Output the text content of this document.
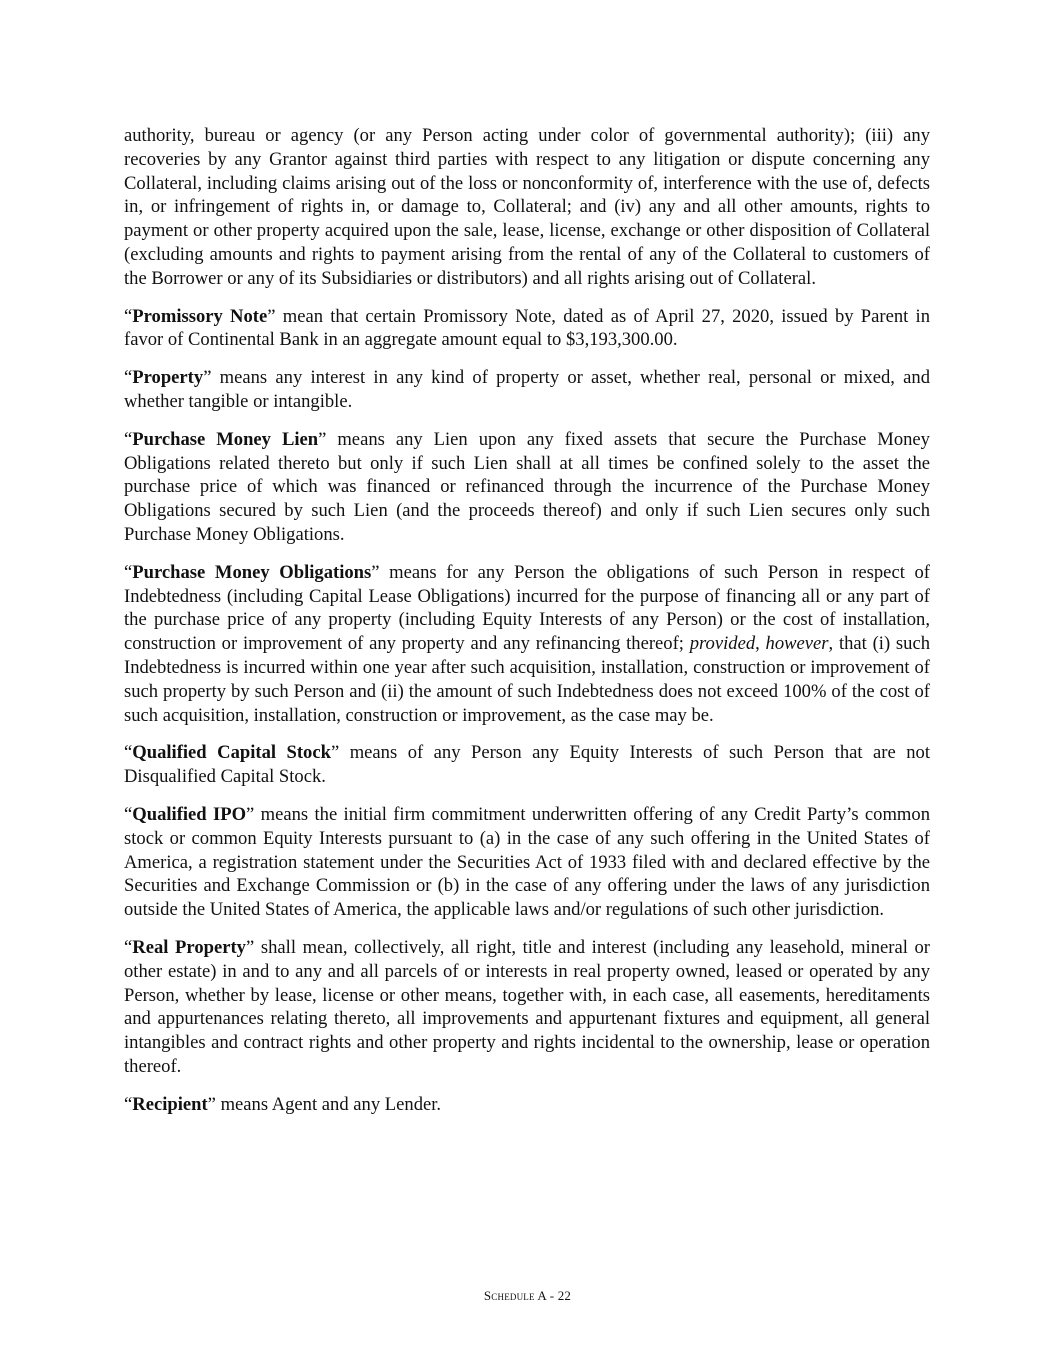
authority, bureau or agency (or any Person acting under color of governmental authority); (iii) any recoveries by any Grantor against third parties with respect to any litigation or dispute concerning any Collateral, including claims arising out of the loss or nonconformity of, interference with the use of, defects in, or infringement of rights in, or damage to, Collateral; and (iv) any and all other amounts, rights to payment or other property acquired upon the sale, lease, license, exchange or other disposition of Collateral (excluding amounts and rights to payment arising from the rental of any of the Collateral to customers of the Borrower or any of its Subsidiaries or distributors) and all rights arising out of Collateral.

“Promissory Note” mean that certain Promissory Note, dated as of April 27, 2020, issued by Parent in favor of Continental Bank in an aggregate amount equal to $3,193,300.00.

“Property” means any interest in any kind of property or asset, whether real, personal or mixed, and whether tangible or intangible.

“Purchase Money Lien” means any Lien upon any fixed assets that secure the Purchase Money Obligations related thereto but only if such Lien shall at all times be confined solely to the asset the purchase price of which was financed or refinanced through the incurrence of the Purchase Money Obligations secured by such Lien (and the proceeds thereof) and only if such Lien secures only such Purchase Money Obligations.

“Purchase Money Obligations” means for any Person the obligations of such Person in respect of Indebtedness (including Capital Lease Obligations) incurred for the purpose of financing all or any part of the purchase price of any property (including Equity Interests of any Person) or the cost of installation, construction or improvement of any property and any refinancing thereof; provided, however, that (i) such Indebtedness is incurred within one year after such acquisition, installation, construction or improvement of such property by such Person and (ii) the amount of such Indebtedness does not exceed 100% of the cost of such acquisition, installation, construction or improvement, as the case may be.

“Qualified Capital Stock” means of any Person any Equity Interests of such Person that are not Disqualified Capital Stock.

“Qualified IPO” means the initial firm commitment underwritten offering of any Credit Party’s common stock or common Equity Interests pursuant to (a) in the case of any such offering in the United States of America, a registration statement under the Securities Act of 1933 filed with and declared effective by the Securities and Exchange Commission or (b) in the case of any offering under the laws of any jurisdiction outside the United States of America, the applicable laws and/or regulations of such other jurisdiction.

“Real Property” shall mean, collectively, all right, title and interest (including any leasehold, mineral or other estate) in and to any and all parcels of or interests in real property owned, leased or operated by any Person, whether by lease, license or other means, together with, in each case, all easements, hereditaments and appurtenances relating thereto, all improvements and appurtenant fixtures and equipment, all general intangibles and contract rights and other property and rights incidental to the ownership, lease or operation thereof.

“Recipient” means Agent and any Lender.

Schedule A - 22
